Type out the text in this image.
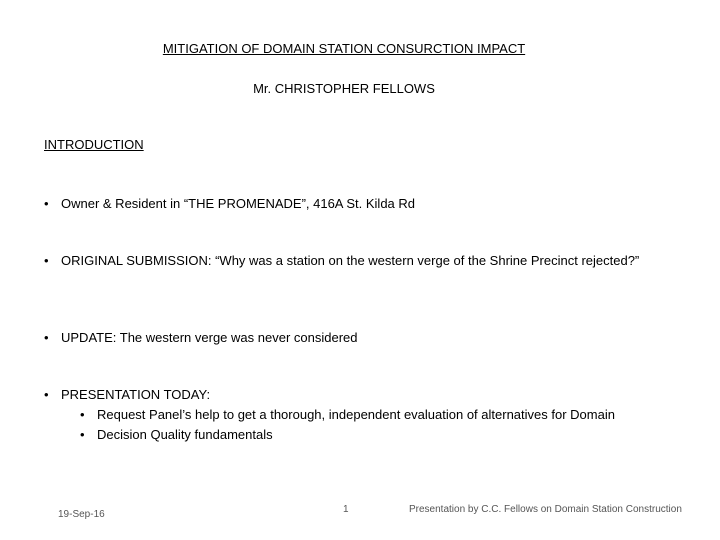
MITIGATION OF DOMAIN STATION CONSURCTION IMPACT
Mr. CHRISTOPHER FELLOWS
INTRODUCTION
• Owner & Resident in “THE PROMENADE”, 416A St. Kilda Rd
• ORIGINAL SUBMISSION: “Why was a station on the western verge of the Shrine Precinct rejected?”
• UPDATE: The western verge was never considered
• PRESENTATION TODAY:
• Request Panel’s help to get a thorough, independent evaluation of alternatives for Domain
• Decision Quality fundamentals
19-Sep-16	1	Presentation by C.C. Fellows on Domain Station Construction
